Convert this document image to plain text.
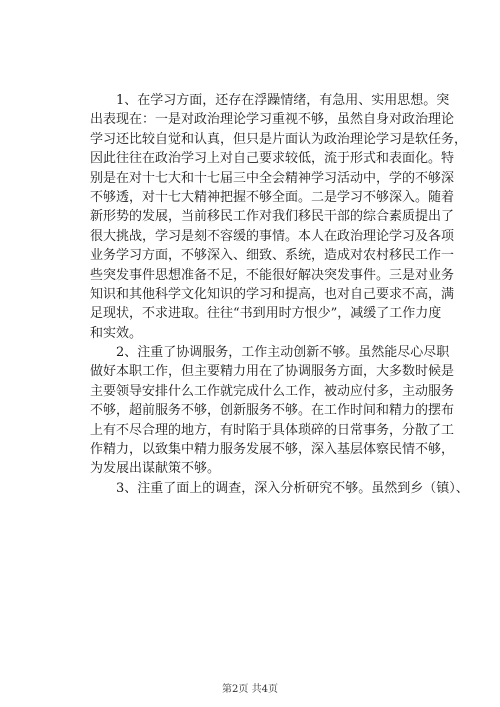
　　1、在学习方面，还存在浮躁情绪，有急用、实用思想。突
出表现在：一是对政治理论学习重视不够，虽然自身对政治理论
学习还比较自觉和认真，但只是片面认为政治理论学习是软任务，
因此往往在政治学习上对自己要求较低，流于形式和表面化。特
别是在对十七大和十七届三中全会精神学习活动中，学的不够深
不够透，对十七大精神把握不够全面。二是学习不够深入。随着
新形势的发展，当前移民工作对我们移民干部的综合素质提出了
很大挑战，学习是刻不容缓的事情。本人在政治理论学习及各项
业务学习方面，不够深入、细致、系统，造成对农村移民工作一
些突发事件思想准备不足，不能很好解决突发事件。三是对业务
知识和其他科学文化知识的学习和提高，也对自己要求不高，满
足现状，不求进取。往往“书到用时方恨少”，减缓了工作力度
和实效。
　　2、注重了协调服务，工作主动创新不够。虽然能尽心尽职
做好本职工作，但主要精力用在了协调服务方面，大多数时候是
主要领导安排什么工作就完成什么工作，被动应付多，主动服务
不够，超前服务不够，创新服务不够。在工作时间和精力的摆布
上有不尽合理的地方，有时陷于具体琐碎的日常事务，分散了工
作精力，以致集中精力服务发展不够，深入基层体察民情不够，
为发展出谋献策不够。
　　3、注重了面上的调查，深入分析研究不够。虽然到乡（镇）、
第2页 共4页
